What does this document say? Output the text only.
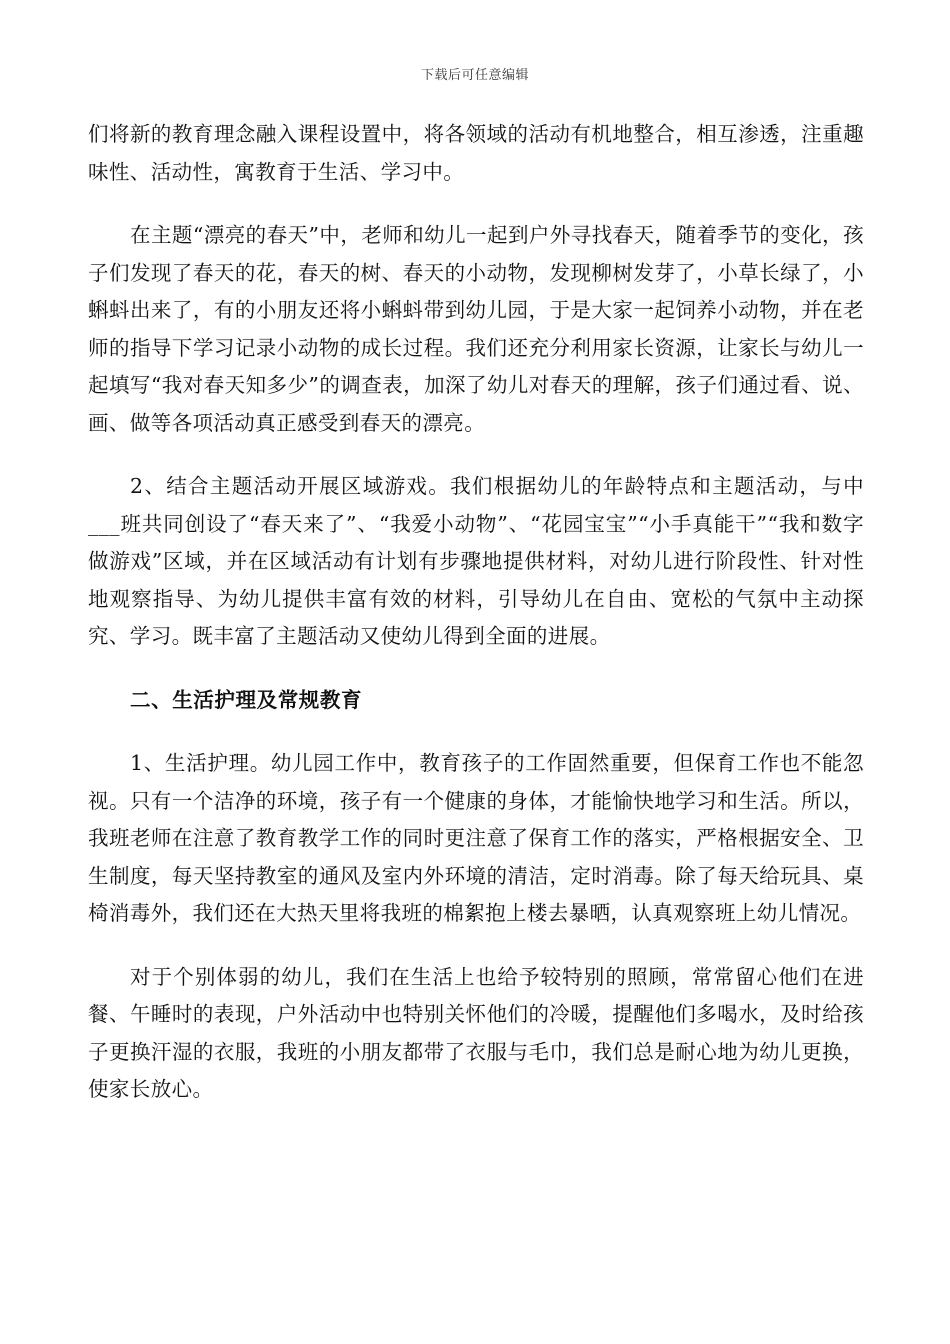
下载后可任意编辑

们将新的教育理念融入课程设置中，将各领域的活动有机地整合，相互渗透，注重趣味性、活动性，寓教育于生活、学习中。

在主题“漂亮的春天”中，老师和幼儿一起到户外寻找春天，随着季节的变化，孩子们发现了春天的花，春天的树、春天的小动物，发现柳树发芽了，小草长绿了，小蝌蚪出来了，有的小朋友还将小蝌蚪带到幼儿园，于是大家一起饲养小动物，并在老师的指导下学习记录小动物的成长过程。我们还充分利用家长资源，让家长与幼儿一起填写“我对春天知多少”的调查表，加深了幼儿对春天的理解，孩子们通过看、说、画、做等各项活动真正感受到春天的漂亮。

2、结合主题活动开展区域游戏。我们根据幼儿的年龄特点和主题活动，与中___班共同创设了“春天来了”、“我爱小动物”、“花园宝宝”“小手真能干”“我和数字做游戏”区域，并在区域活动有计划有步骤地提供材料，对幼儿进行阶段性、针对性地观察指导、为幼儿提供丰富有效的材料，引导幼儿在自由、宽松的气氛中主动探究、学习。既丰富了主题活动又使幼儿得到全面的进展。

二、生活护理及常规教育

1、生活护理。幼儿园工作中，教育孩子的工作固然重要，但保育工作也不能忽视。只有一个洁净的环境，孩子有一个健康的身体，才能愉快地学习和生活。所以，我班老师在注意了教育教学工作的同时更注意了保育工作的落实，严格根据安全、卫生制度，每天坚持教室的通风及室内外环境的清洁，定时消毒。除了每天给玩具、桌椅消毒外，我们还在大热天里将我班的棉絮抱上楼去暴晒，认真观察班上幼儿情况。

对于个别体弱的幼儿，我们在生活上也给予较特别的照顾，常常留心他们在进餐、午睡时的表现，户外活动中也特别关怀他们的冷暖，提醒他们多喝水，及时给孩子更换汗湿的衣服，我班的小朋友都带了衣服与毛巾，我们总是耐心地为幼儿更换，使家长放心。
